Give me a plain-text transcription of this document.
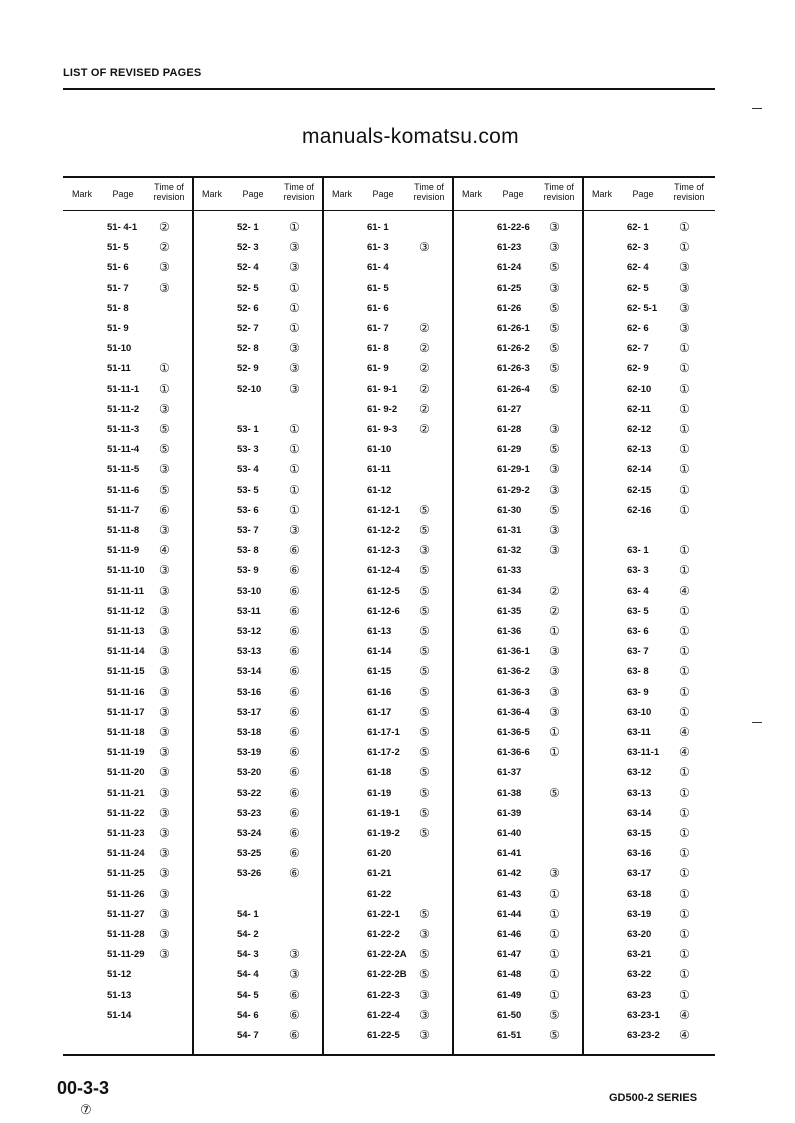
LIST OF REVISED PAGES
manuals-komatsu.com
Mark	Page
Time of revision
51- 4-1 ②
51- 5	②
51- 6	③
51- 7	③
51- 8
51- 9
51-10
51-11 ①
51-11-1 ①
51-11-2 ③
51-11-3 ⑤
51-11-4 ⑤
51-11-5 ③
51-11-6 ⑤
51-11-7 ⑥
51-11-8 ③
51-11-9 ④
51-11-10 ③
51-11-11 ③
51-11-12 ③
51-11-13 ③
51-11-14 ③
51-11-15 ③
51-11-16 ③
51-11-17 ③
51-11-18 ③
51-11-19 ③
51-11-20 ③
51-11-21 ③
51-11-22 ③
51-11-23 ③
51-11-24 ③
51-11-25 ③
51-11-26 ③
51-11-27 ③
51-11-28 ③
51-11-29 ③
51-12
51-13
51-14
Mark	Page
Time of revision
52- 1	①
52- 3	③
52- 4	③
52- 5	①
52- 6	①
52- 7	①
52- 8	③
52- 9	③
52-10 ③
53- 1	①
53- 3	①
53- 4	①
53- 5	①
53- 6	①
53- 7	③
53- 8	⑥
53- 9	⑥
53-10 ⑥
53-11 ⑥
53-12 ⑥
53-13 ⑥
53-14 ⑥
53-16 ⑥
53-17 ⑥
53-18 ⑥
53-19 ⑥
53-20 ⑥
53-22 ⑥
53-23 ⑥
53-24 ⑥
53-25 ⑥
53-26 ⑥
54- 1
54- 2
54- 3	③
54- 4	③
54- 5	⑥
54- 6	⑥
54- 7	⑥
Mark	Page
Time of revision
61- 1
61- 3	③
61- 4
61- 5
61- 6
61- 7	②
61- 8	②
61- 9	②
61- 9-1 ②
61- 9-2 ②
61- 9-3 ②
61-10
61-11
61-12
61-12-1 ⑤
61-12-2 ⑤
61-12-3 ③
61-12-4 ⑤
61-12-5 ⑤
61-12-6 ⑤
61-13 ⑤
61-14 ⑤
61-15 ⑤
61-16 ⑤
61-17 ⑤
61-17-1 ⑤
61-17-2 ⑤
61-18 ⑤
61-19 ⑤
61-19-1 ⑤
61-19-2 ⑤
61-20
61-21
61-22
61-22-1 ⑤
61-22-2 ③
61-22-2A ⑤
61-22-2B ⑤
61-22-3 ③
61-22-4 ③
61-22-5 ③
Mark	Page
Time of revision
61-22-6 ③
61-23 ③
61-24 ⑤
61-25 ③
61-26 ⑤
61-26-1 ⑤
61-26-2 ⑤
61-26-3 ⑤
61-26-4 ⑤
61-27
61-28 ③
61-29 ⑤
61-29-1 ③
61-29-2 ③
61-30 ⑤
61-31 ③
61-32 ③
61-33
61-34 ②
61-35 ②
61-36 ①
61-36-1 ③
61-36-2 ③
61-36-3 ③
61-36-4 ③
61-36-5 ①
61-36-6 ①
61-37
61-38 ⑤
61-39
61-40
61-41
61-42 ③
61-43 ①
61-44 ①
61-46 ①
61-47 ①
61-48 ①
61-49 ①
61-50 ⑤
61-51 ⑤
Mark	Page
Time of revision
62- 1	①
62- 3	①
62- 4	③
62- 5	③
62- 5-1 ③
62- 6	③
62- 7	①
62- 9	①
62-10 ①
62-11 ①
62-12 ①
62-13 ①
62-14 ①
62-15 ①
62-16 ①
63- 1	①
63- 3	①
63- 4	④
63- 5	①
63- 6	①
63- 7	①
63- 8	①
63- 9	①
63-10 ①
63-11 ④
63-11-1 ④
63-12 ①
63-13 ①
63-14 ①
63-15 ①
63-16 ①
63-17 ①
63-18 ①
63-19 ①
63-20 ①
63-21 ①
63-22 ①
63-23 ①
63-23-1 ④
63-23-2 ④
00-3-3
⑦
GD500-2 SERIES
